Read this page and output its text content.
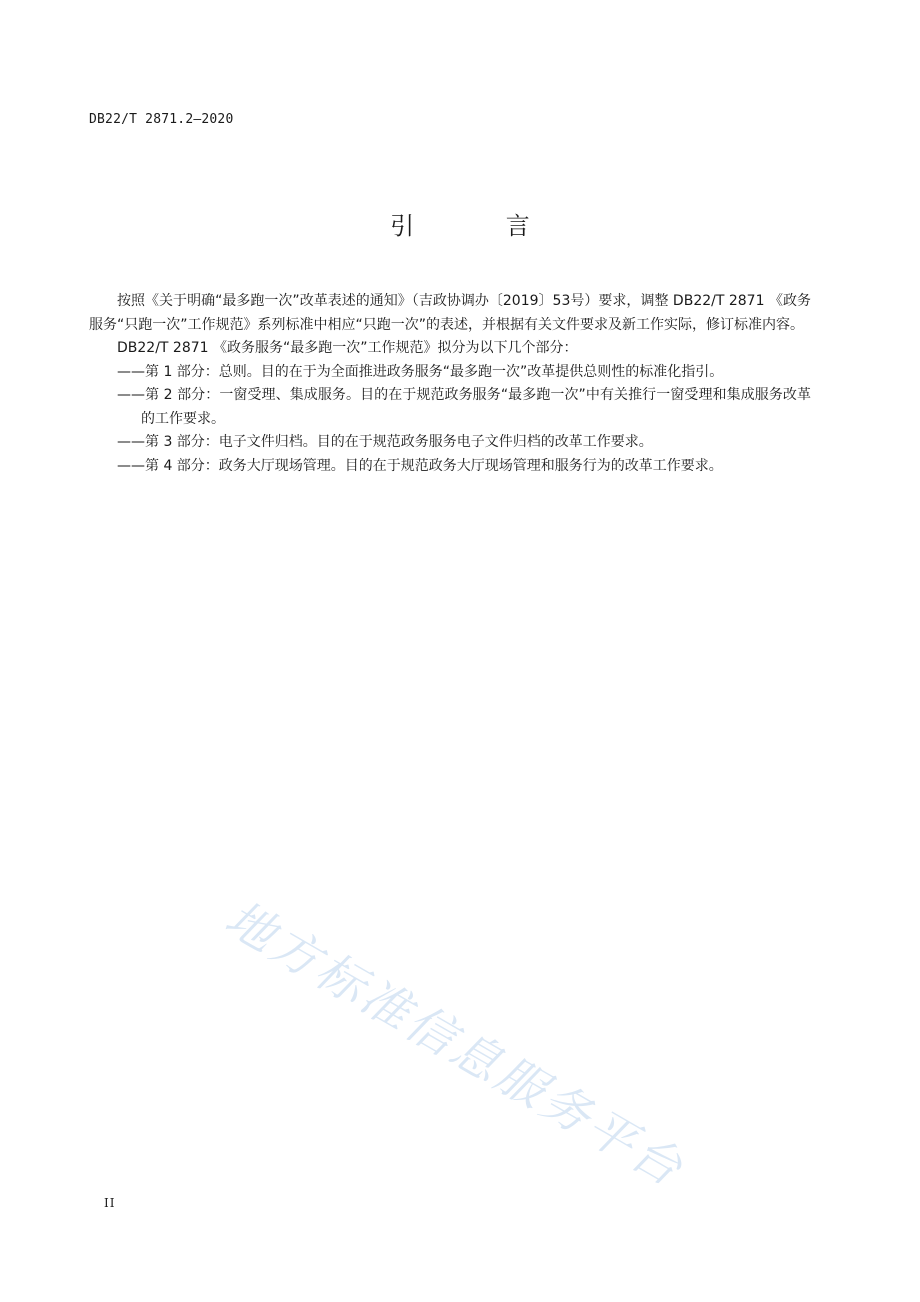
DB22/T 2871.2—2020
引 言

按照《关于明确“最多跑一次”改革表述的通知》（吉政协调办〔2019〕53号）要求，调整 DB22/T 2871 《政务服务“只跑一次”工作规范》系列标准中相应“只跑一次”的表述，并根据有关文件要求及新工作实际，修订标准内容。

DB22/T 2871 《政务服务“最多跑一次”工作规范》拟分为以下几个部分：

——第 1 部分：总则。目的在于为全面推进政务服务“最多跑一次”改革提供总则性的标准化指引。

——第 2 部分：一窗受理、集成服务。目的在于规范政务服务“最多跑一次”中有关推行一窗受理和集成服务改革的工作要求。

——第 3 部分：电子文件归档。目的在于规范政务服务电子文件归档的改革工作要求。

——第 4 部分：政务大厅现场管理。目的在于规范政务大厅现场管理和服务行为的改革工作要求。

地方标准信息服务平台
II
